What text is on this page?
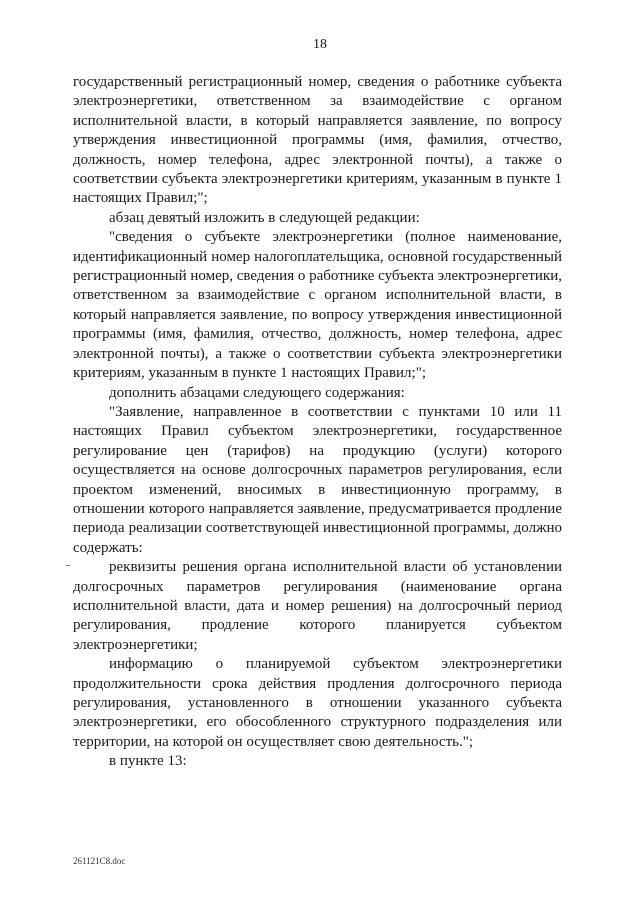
18

государственный регистрационный номер, сведения о работнике субъекта электроэнергетики, ответственном за взаимодействие с органом исполнительной власти, в который направляется заявление, по вопросу утверждения инвестиционной программы (имя, фамилия, отчество, должность, номер телефона, адрес электронной почты), а также о соответствии субъекта электроэнергетики критериям, указанным в пункте 1 настоящих Правил;";

абзац девятый изложить в следующей редакции:

"сведения о субъекте электроэнергетики (полное наименование, идентификационный номер налогоплательщика, основной государственный регистрационный номер, сведения о работнике субъекта электроэнергетики, ответственном за взаимодействие с органом исполнительной власти, в который направляется заявление, по вопросу утверждения инвестиционной программы (имя, фамилия, отчество, должность, номер телефона, адрес электронной почты), а также о соответствии субъекта электроэнергетики критериям, указанным в пункте 1 настоящих Правил;";

дополнить абзацами следующего содержания:

"Заявление, направленное в соответствии с пунктами 10 или 11 настоящих Правил субъектом электроэнергетики, государственное регулирование цен (тарифов) на продукцию (услуги) которого осуществляется на основе долгосрочных параметров регулирования, если проектом изменений, вносимых в инвестиционную программу, в отношении которого направляется заявление, предусматривается продление периода реализации соответствующей инвестиционной программы, должно содержать:

реквизиты решения органа исполнительной власти об установлении долгосрочных параметров регулирования (наименование органа исполнительной власти, дата и номер решения) на долгосрочный период регулирования, продление которого планируется субъектом электроэнергетики;

информацию о планируемой субъектом электроэнергетики продолжительности срока действия продления долгосрочного периода регулирования, установленного в отношении указанного субъекта электроэнергетики, его обособленного структурного подразделения или территории, на которой он осуществляет свою деятельность.";

в пункте 13:

261121C8.doc
